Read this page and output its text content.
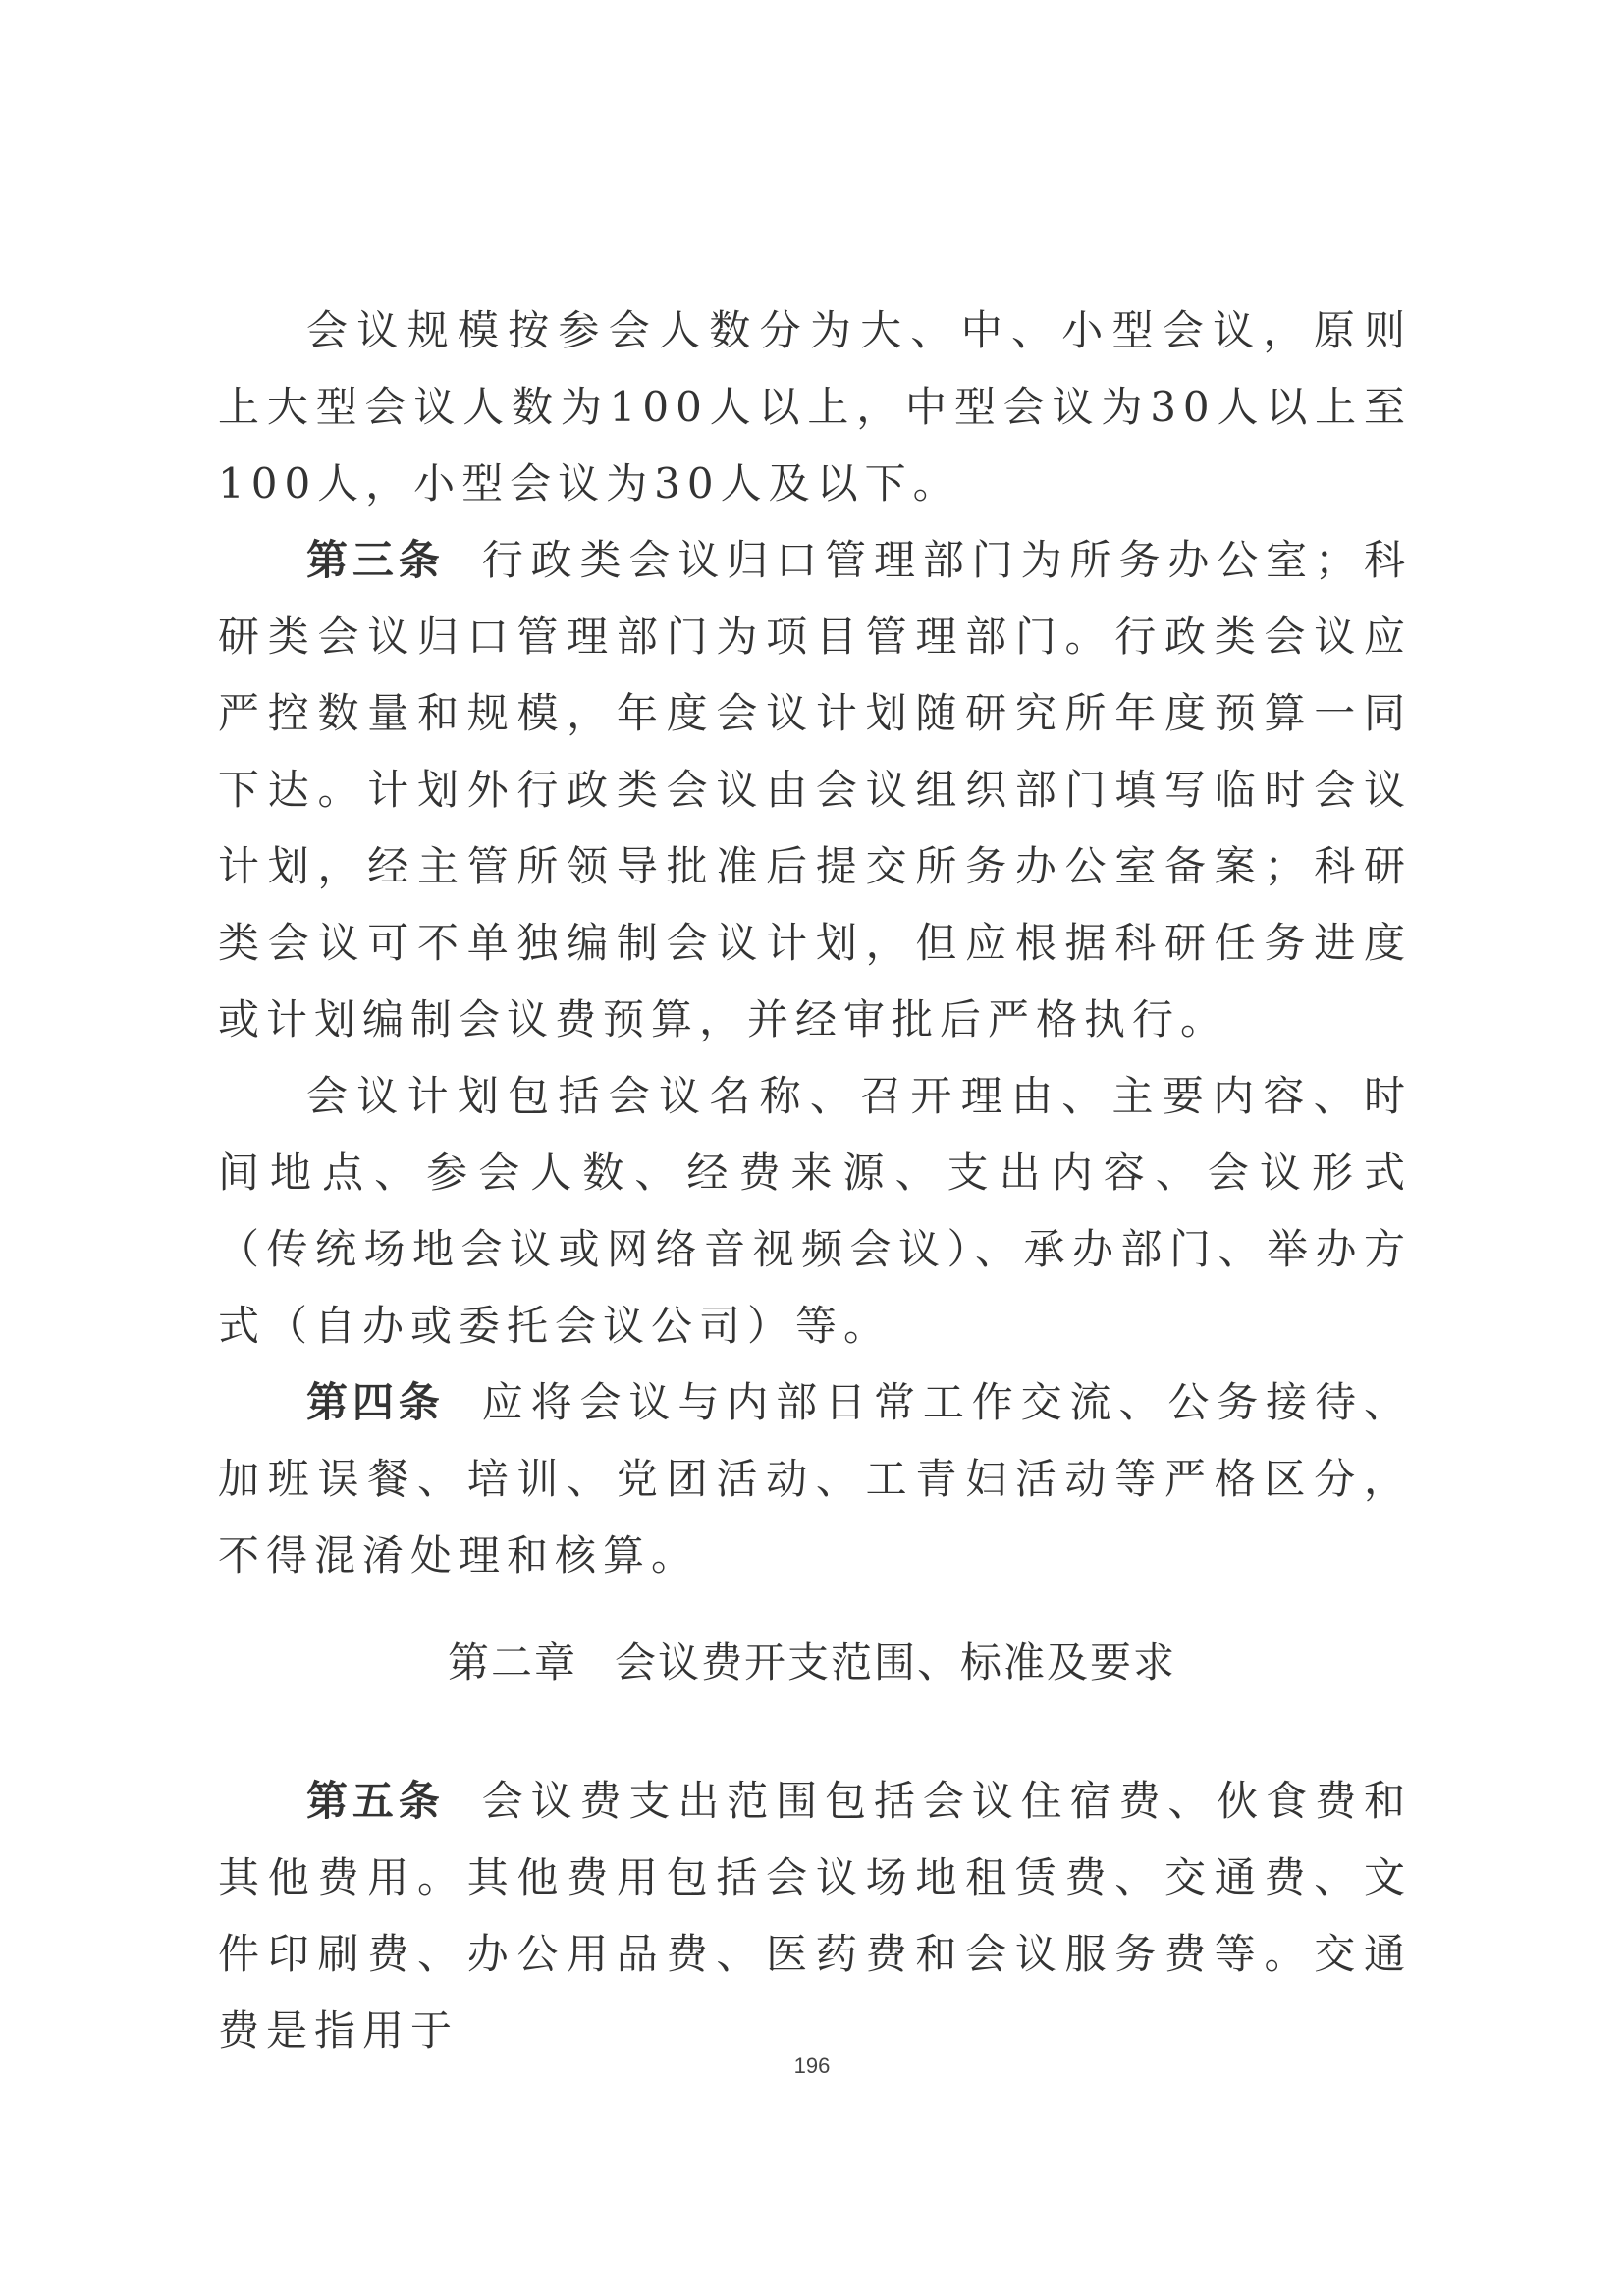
会议规模按参会人数分为大、中、小型会议，原则上大型会议人数为100人以上，中型会议为30人以上至100人，小型会议为30人及以下。

第三条 行政类会议归口管理部门为所务办公室；科研类会议归口管理部门为项目管理部门。行政类会议应严控数量和规模，年度会议计划随研究所年度预算一同下达。计划外行政类会议由会议组织部门填写临时会议计划，经主管所领导批准后提交所务办公室备案；科研类会议可不单独编制会议计划，但应根据科研任务进度或计划编制会议费预算，并经审批后严格执行。

会议计划包括会议名称、召开理由、主要内容、时间地点、参会人数、经费来源、支出内容、会议形式（传统场地会议或网络音视频会议）、承办部门、举办方式（自办或委托会议公司）等。

第四条 应将会议与内部日常工作交流、公务接待、加班误餐、培训、党团活动、工青妇活动等严格区分，不得混淆处理和核算。

第二章 会议费开支范围、标准及要求

第五条 会议费支出范围包括会议住宿费、伙食费和其他费用。其他费用包括会议场地租赁费、交通费、文件印刷费、办公用品费、医药费和会议服务费等。交通费是指用于

196
